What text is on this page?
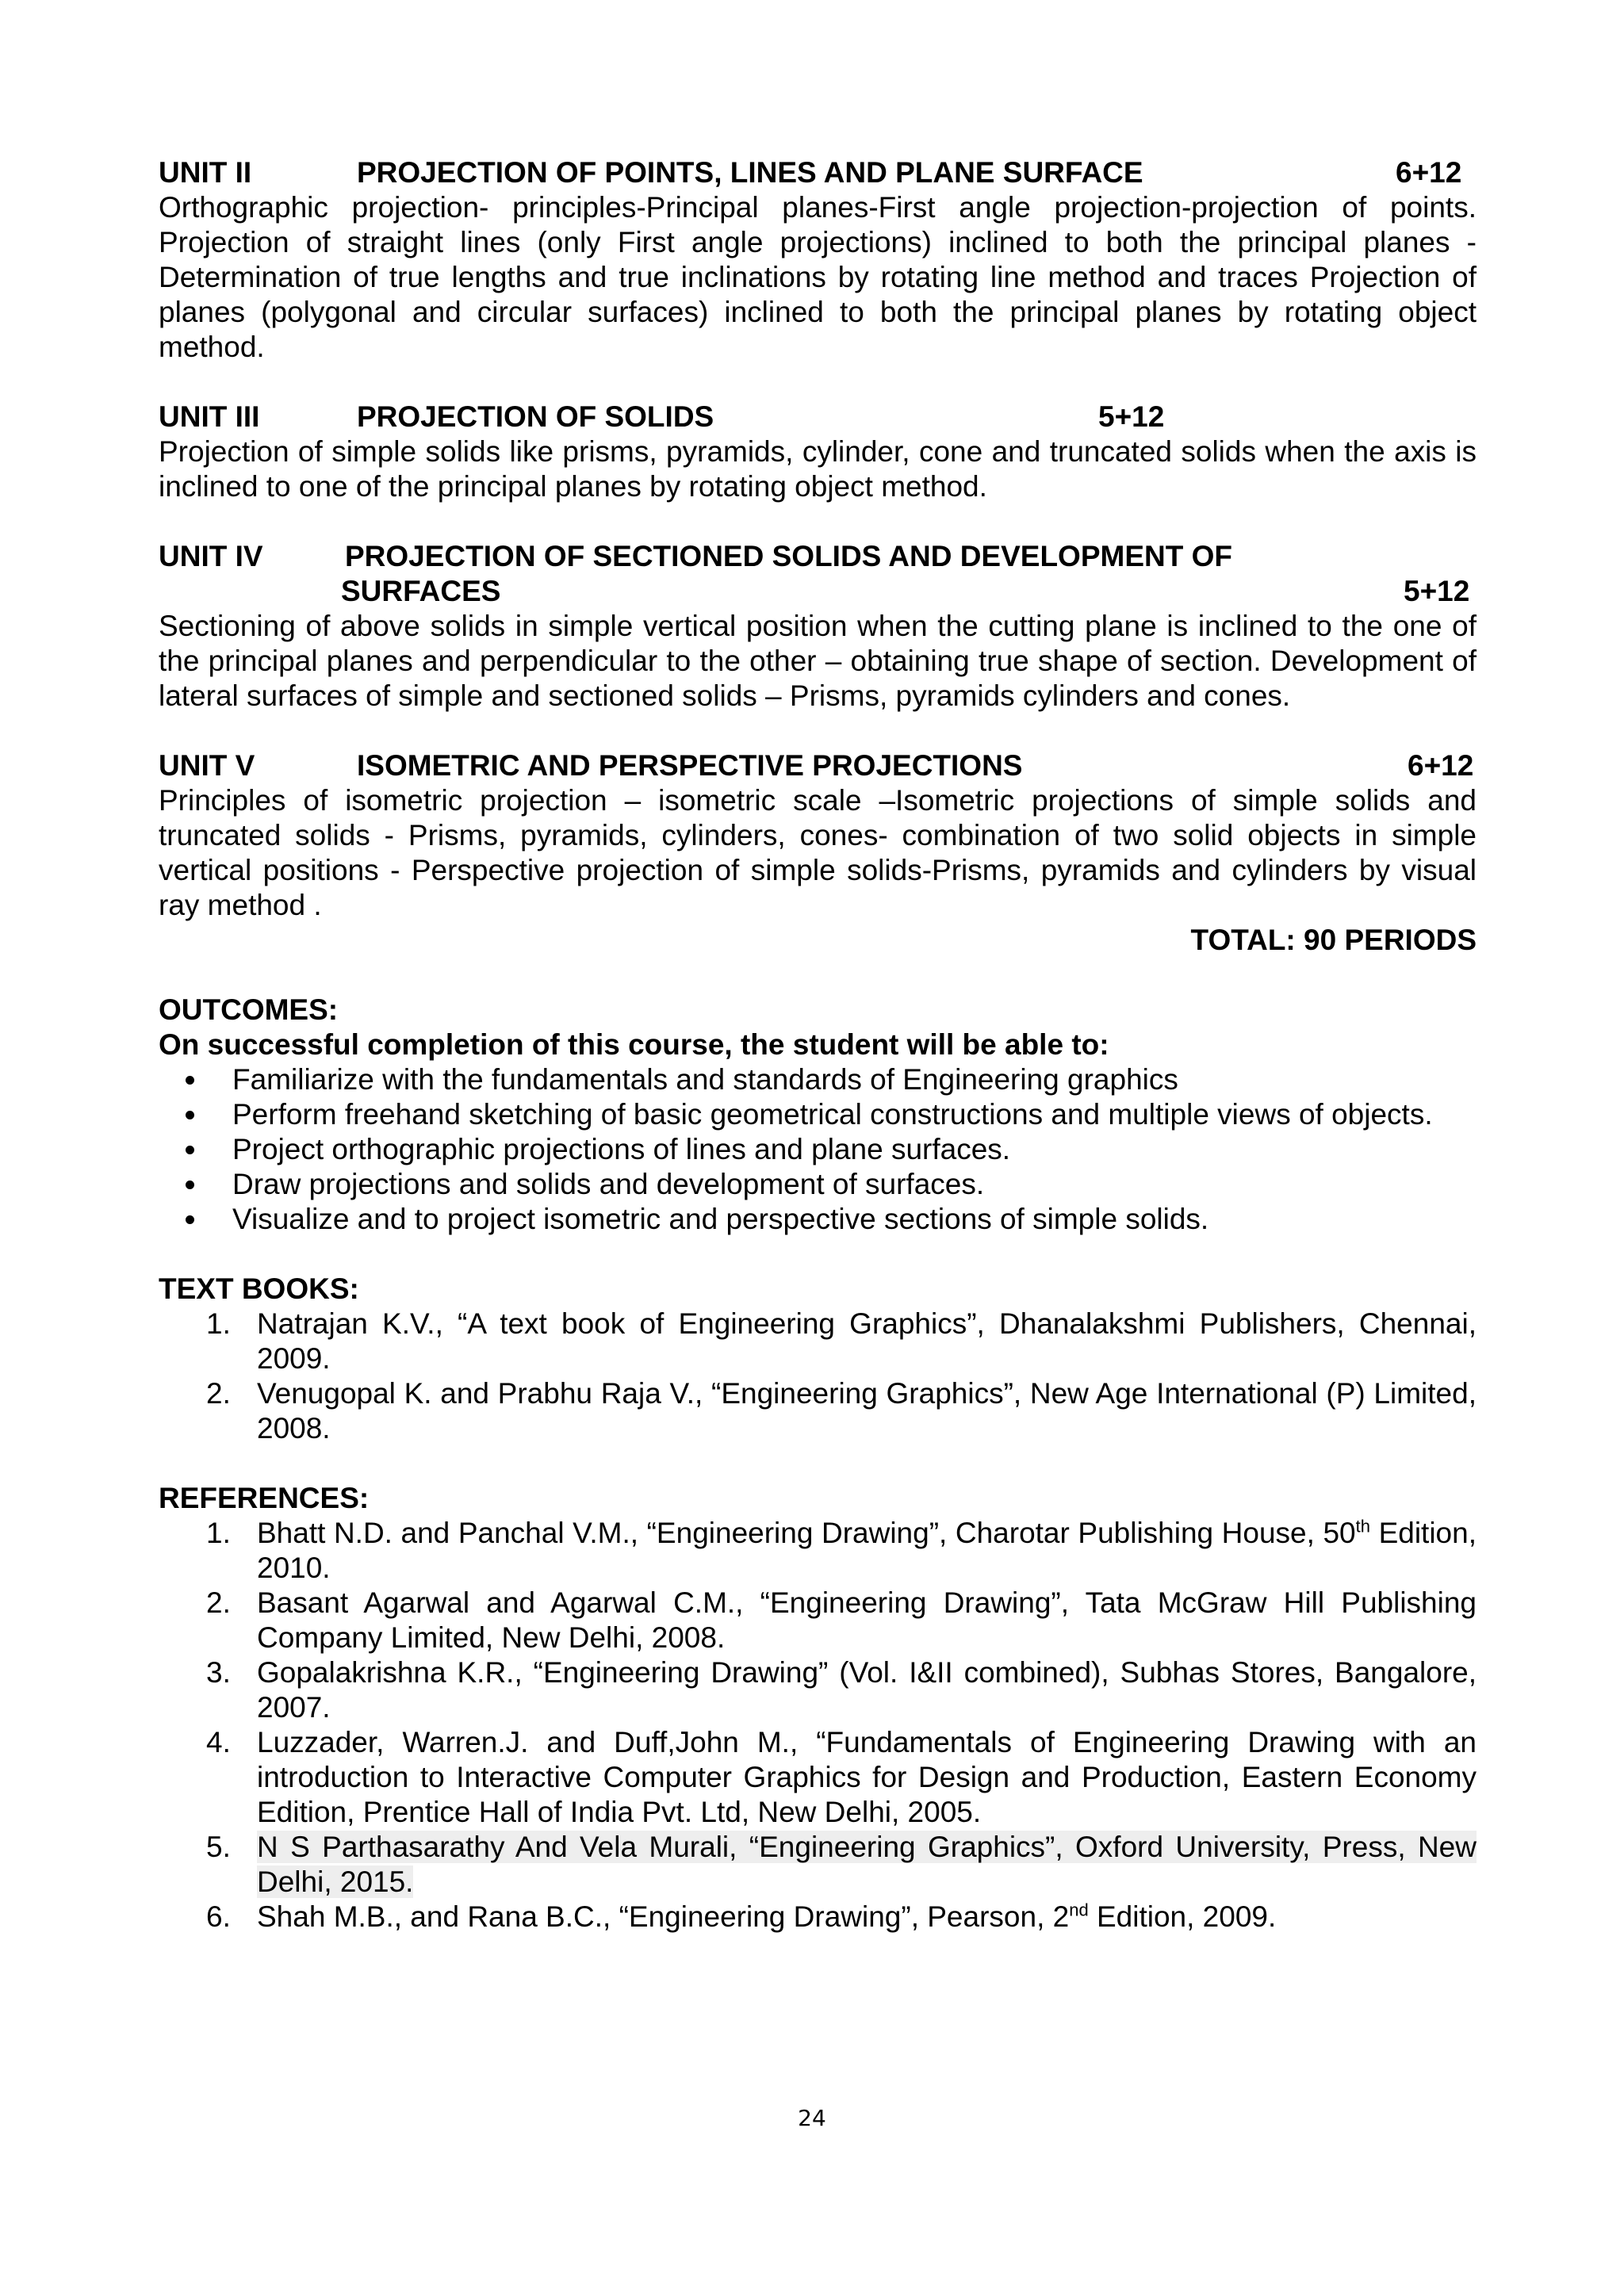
UNIT II	PROJECTION OF POINTS, LINES AND PLANE SURFACE	6+12
Orthographic projection- principles-Principal planes-First angle projection-projection of points. Projection of straight lines (only First angle projections) inclined to both the principal planes - Determination of true lengths and true inclinations by rotating line method and traces Projection of planes (polygonal and circular surfaces) inclined to both the principal planes by rotating object method.
UNIT III	PROJECTION OF SOLIDS	5+12
Projection of simple solids like prisms, pyramids, cylinder, cone and truncated solids when the axis is inclined to one of the principal planes by rotating object method.
UNIT IV	PROJECTION OF SECTIONED SOLIDS AND DEVELOPMENT OF
SURFACES	5+12
Sectioning of above solids in simple vertical position when the cutting plane is inclined to the one of the principal planes and perpendicular to the other – obtaining true shape of section. Development of lateral surfaces of simple and sectioned solids – Prisms, pyramids cylinders and cones.
UNIT V	ISOMETRIC AND PERSPECTIVE PROJECTIONS	6+12
Principles of isometric projection – isometric scale –Isometric projections of simple solids and truncated solids - Prisms, pyramids, cylinders, cones- combination of two solid objects in simple vertical positions - Perspective projection of simple solids-Prisms, pyramids and cylinders by visual ray method .
TOTAL: 90 PERIODS
OUTCOMES:
On successful completion of this course, the student will be able to:
Familiarize with the fundamentals and standards of Engineering graphics
Perform freehand sketching of basic geometrical constructions and multiple views of objects.
Project orthographic projections of lines and plane surfaces.
Draw projections and solids and development of surfaces.
Visualize and to project isometric and perspective sections of simple solids.
TEXT BOOKS:
1. Natrajan K.V., “A text book of Engineering Graphics”, Dhanalakshmi Publishers, Chennai, 2009.
2. Venugopal K. and Prabhu Raja V., “Engineering Graphics”, New Age International (P) Limited, 2008.
REFERENCES:
1. Bhatt N.D. and Panchal V.M., “Engineering Drawing”, Charotar Publishing House, 50th Edition, 2010.
2. Basant Agarwal and Agarwal C.M., “Engineering Drawing”, Tata McGraw Hill Publishing Company Limited, New Delhi, 2008.
3. Gopalakrishna K.R., “Engineering Drawing” (Vol. I&II combined), Subhas Stores, Bangalore, 2007.
4. Luzzader, Warren.J. and Duff,John M., “Fundamentals of Engineering Drawing with an introduction to Interactive Computer Graphics for Design and Production, Eastern Economy Edition, Prentice Hall of India Pvt. Ltd, New Delhi, 2005.
5. N S Parthasarathy And Vela Murali, “Engineering Graphics”, Oxford University, Press, New Delhi, 2015.
6. Shah M.B., and Rana B.C., “Engineering Drawing”, Pearson, 2nd Edition, 2009.
24
